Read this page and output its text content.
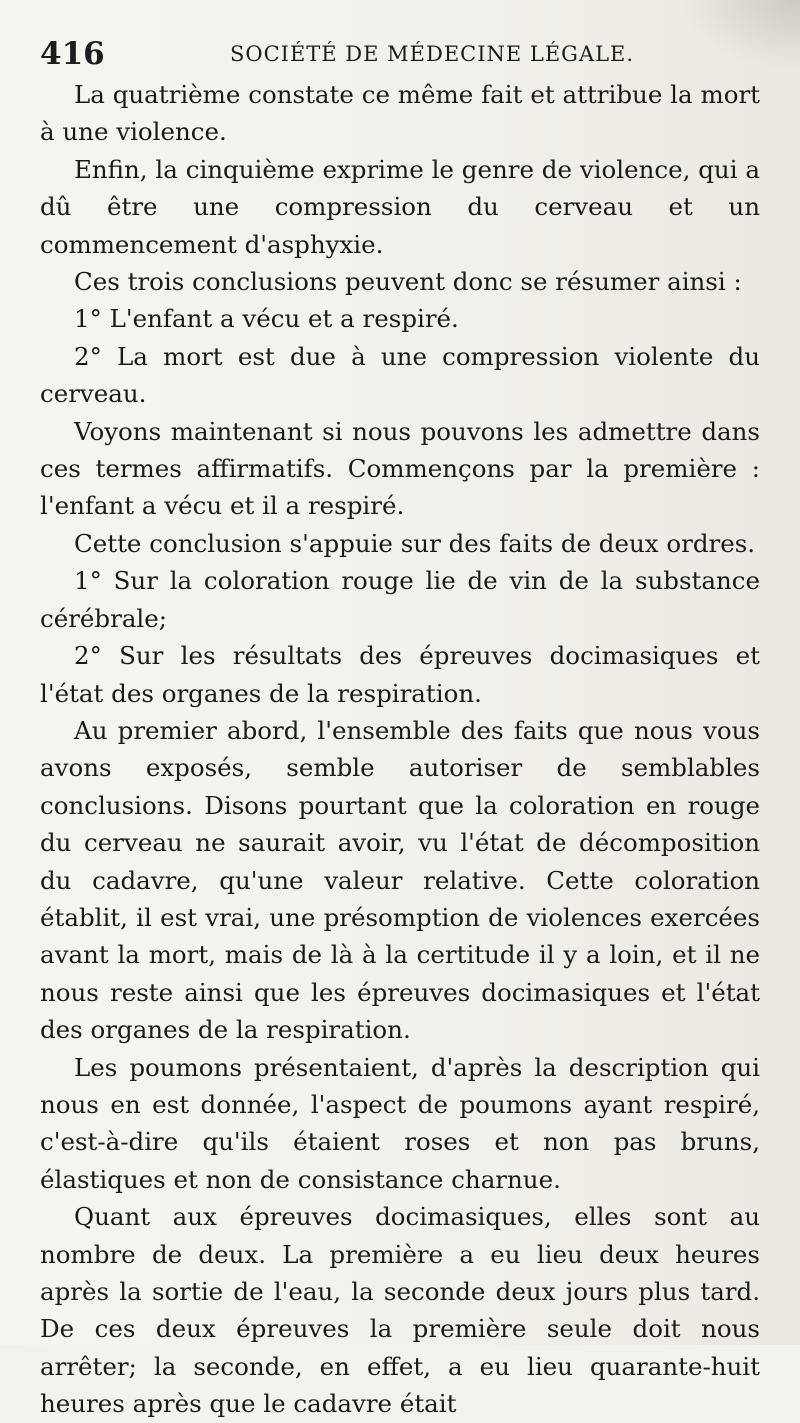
416	SOCIÉTÉ DE MÉDECINE LÉGALE.

La quatrième constate ce même fait et attribue la mort à une violence.

Enfin, la cinquième exprime le genre de violence, qui a dû être une compression du cerveau et un commencement d'asphyxie.

Ces trois conclusions peuvent donc se résumer ainsi :

1° L'enfant a vécu et a respiré.

2° La mort est due à une compression violente du cerveau.

Voyons maintenant si nous pouvons les admettre dans ces termes affirmatifs. Commençons par la première : l'enfant a vécu et il a respiré.

Cette conclusion s'appuie sur des faits de deux ordres.

1° Sur la coloration rouge lie de vin de la substance cérébrale;

2° Sur les résultats des épreuves docimasiques et l'état des organes de la respiration.

Au premier abord, l'ensemble des faits que nous vous avons exposés, semble autoriser de semblables conclusions. Disons pourtant que la coloration en rouge du cerveau ne saurait avoir, vu l'état de décomposition du cadavre, qu'une valeur relative. Cette coloration établit, il est vrai, une présomption de violences exercées avant la mort, mais de là à la certitude il y a loin, et il ne nous reste ainsi que les épreuves docimasiques et l'état des organes de la respiration.

Les poumons présentaient, d'après la description qui nous en est donnée, l'aspect de poumons ayant respiré, c'est-à-dire qu'ils étaient roses et non pas bruns, élastiques et non de consistance charnue.

Quant aux épreuves docimasiques, elles sont au nombre de deux. La première a eu lieu deux heures après la sortie de l'eau, la seconde deux jours plus tard. De ces deux épreuves la première seule doit nous arrêter; la seconde, en effet, a eu lieu quarante-huit heures après que le cadavre était
